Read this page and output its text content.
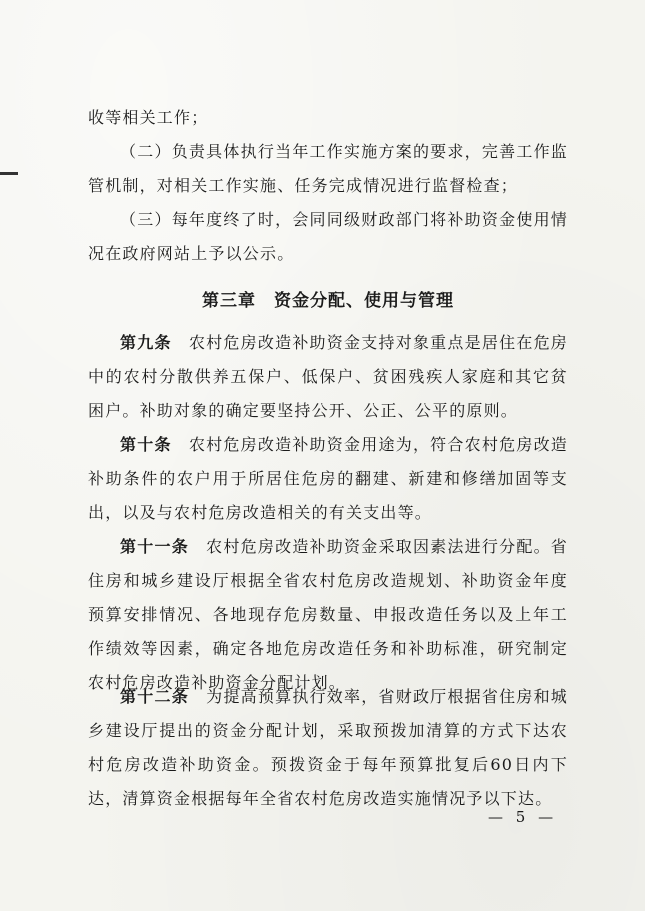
收等相关工作；
（二）负责具体执行当年工作实施方案的要求，完善工作监管机制，对相关工作实施、任务完成情况进行监督检查；
（三）每年度终了时，会同同级财政部门将补助资金使用情况在政府网站上予以公示。
第三章　资金分配、使用与管理
第九条　 农村危房改造补助资金支持对象重点是居住在危房中的农村分散供养五保户、低保户、贫困残疾人家庭和其它贫困户。补助对象的确定要坚持公开、公正、公平的原则。
第十条　 农村危房改造补助资金用途为，符合农村危房改造补助条件的农户用于所居住危房的翻建、新建和修缮加固等支出，以及与农村危房改造相关的有关支出等。
第十一条　 农村危房改造补助资金采取因素法进行分配。省住房和城乡建设厅根据全省农村危房改造规划、补助资金年度预算安排情况、各地现存危房数量、申报改造任务以及上年工作绩效等因素，确定各地危房改造任务和补助标准，研究制定农村危房改造补助资金分配计划。
第十二条　 为提高预算执行效率，省财政厅根据省住房和城乡建设厅提出的资金分配计划，采取预拨加清算的方式下达农村危房改造补助资金。预拨资金于每年预算批复后60日内下达，清算资金根据每年全省农村危房改造实施情况予以下达。
— 5 —
